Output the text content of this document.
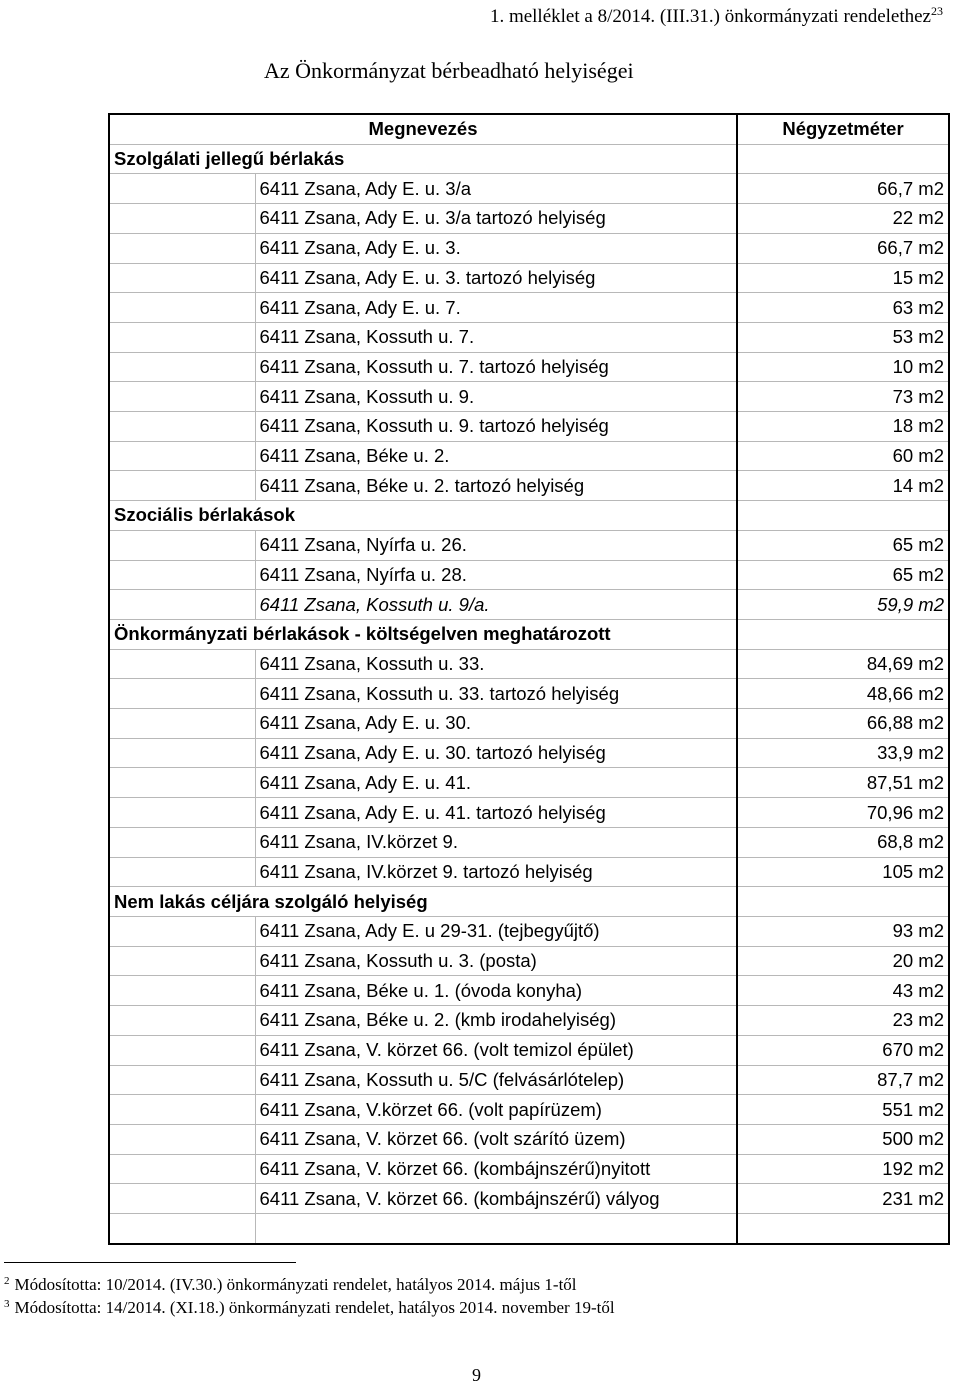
1. melléklet a 8/2014. (III.31.) önkormányzati rendelethez$^{23}$
Az Önkormányzat bérbeadható helyiségei
Megnevezés		Négyzetméter
Szolgálati jellegű bérlakás		
	6411 Zsana, Ady E. u. 3/a	66,7 m2
	6411 Zsana, Ady E. u. 3/a tartozó helyiség	22 m2
	6411 Zsana, Ady E. u. 3.	66,7 m2
	6411 Zsana, Ady E. u. 3. tartozó helyiség	15 m2
	6411 Zsana, Ady E. u. 7.	63 m2
	6411 Zsana, Kossuth u. 7.	53 m2
	6411 Zsana, Kossuth u. 7. tartozó helyiség	10 m2
	6411 Zsana, Kossuth u. 9.	73 m2
	6411 Zsana, Kossuth u. 9. tartozó helyiség	18 m2
	6411 Zsana, Béke u. 2.	60 m2
	6411 Zsana, Béke u. 2. tartozó helyiség	14 m2
Szociális bérlakások		
	6411 Zsana, Nyírfa u. 26.	65 m2
	6411 Zsana, Nyírfa u. 28.	65 m2
	6411 Zsana, Kossuth u. 9/a.	59,9 m2
Önkormányzati bérlakások - költségelven meghatározott		
	6411 Zsana, Kossuth u. 33.	84,69 m2
	6411 Zsana, Kossuth u. 33. tartozó helyiség	48,66 m2
	6411 Zsana, Ady E. u. 30.	66,88 m2
	6411 Zsana, Ady E. u. 30. tartozó helyiség	33,9 m2
	6411 Zsana, Ady E. u. 41.	87,51 m2
	6411 Zsana, Ady E. u. 41. tartozó helyiség	70,96 m2
	6411 Zsana, IV.körzet 9.	68,8 m2
	6411 Zsana, IV.körzet 9. tartozó helyiség	105 m2
Nem lakás céljára szolgáló helyiség		
	6411 Zsana, Ady E. u 29-31. (tejbegyűjtő)	93 m2
	6411 Zsana, Kossuth u. 3. (posta)	20 m2
	6411 Zsana, Béke u. 1. (óvoda konyha)	43 m2
	6411 Zsana, Béke u. 2. (kmb irodahelyiség)	23 m2
	6411 Zsana, V. körzet 66. (volt temizol épület)	670 m2
	6411 Zsana, Kossuth u. 5/C (felvásárlótelep)	87,7 m2
	6411 Zsana, V.körzet 66. (volt papírüzem)	551 m2
	6411 Zsana, V. körzet 66. (volt szárító üzem)	500 m2
	6411 Zsana, V. körzet 66. (kombájnszérű)nyitott	192 m2
	6411 Zsana, V. körzet 66. (kombájnszérű) vályog	231 m2

$^2$ Módosította: 10/2014. (IV.30.) önkormányzati rendelet, hatályos 2014. május 1-től
$^3$ Módosította: 14/2014. (XI.18.) önkormányzati rendelet, hatályos 2014. november 19-től
9
